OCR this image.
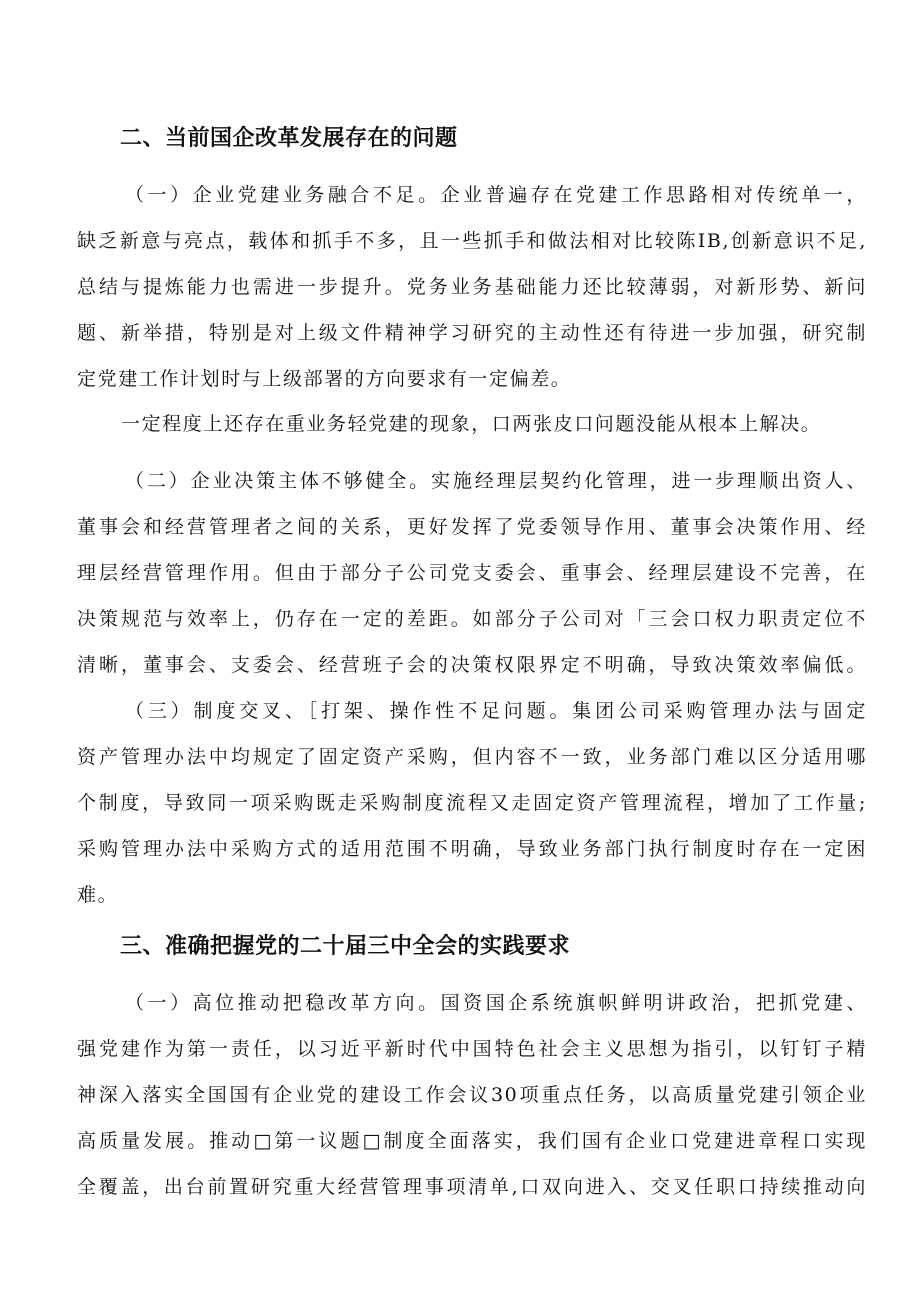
二、当前国企改革发展存在的问题
（一）企业党建业务融合不足。企业普遍存在党建工作思路相对传统单一，
缺乏新意与亮点，载体和抓手不多，且一些抓手和做法相对比较陈IB,创新意识不足,
总结与提炼能力也需进一步提升。党务业务基础能力还比较薄弱，对新形势、新问
题、新举措，特别是对上级文件精神学习研究的主动性还有待进一步加强，研究制
定党建工作计划时与上级部署的方向要求有一定偏差。
一定程度上还存在重业务轻党建的现象，口两张皮口问题没能从根本上解决。
（二）企业决策主体不够健全。实施经理层契约化管理，进一步理顺出资人、
董事会和经营管理者之间的关系，更好发挥了党委领导作用、董事会决策作用、经
理层经营管理作用。但由于部分子公司党支委会、重事会、经理层建设不完善，在
决策规范与效率上，仍存在一定的差距。如部分子公司对「三会口权力职责定位不
清晰，董事会、支委会、经营班子会的决策权限界定不明确，导致决策效率偏低。
（三）制度交叉、［打架、操作性不足问题。集团公司采购管理办法与固定
资产管理办法中均规定了固定资产采购，但内容不一致，业务部门难以区分适用哪
个制度，导致同一项采购既走采购制度流程又走固定资产管理流程，增加了工作量;
采购管理办法中采购方式的适用范围不明确，导致业务部门执行制度时存在一定困
难。
三、准确把握党的二十届三中全会的实践要求
（一）高位推动把稳改革方向。国资国企系统旗帜鲜明讲政治，把抓党建、
强党建作为第一责任，以习近平新时代中国特色社会主义思想为指引，以钉钉子精
神深入落实全国国有企业党的建设工作会议30项重点任务，以高质量党建引领企业
高质量发展。推动□第一议题□制度全面落实，我们国有企业口党建进章程口实现
全覆盖，出台前置研究重大经营管理事项清单,口双向进入、交叉任职口持续推动向
